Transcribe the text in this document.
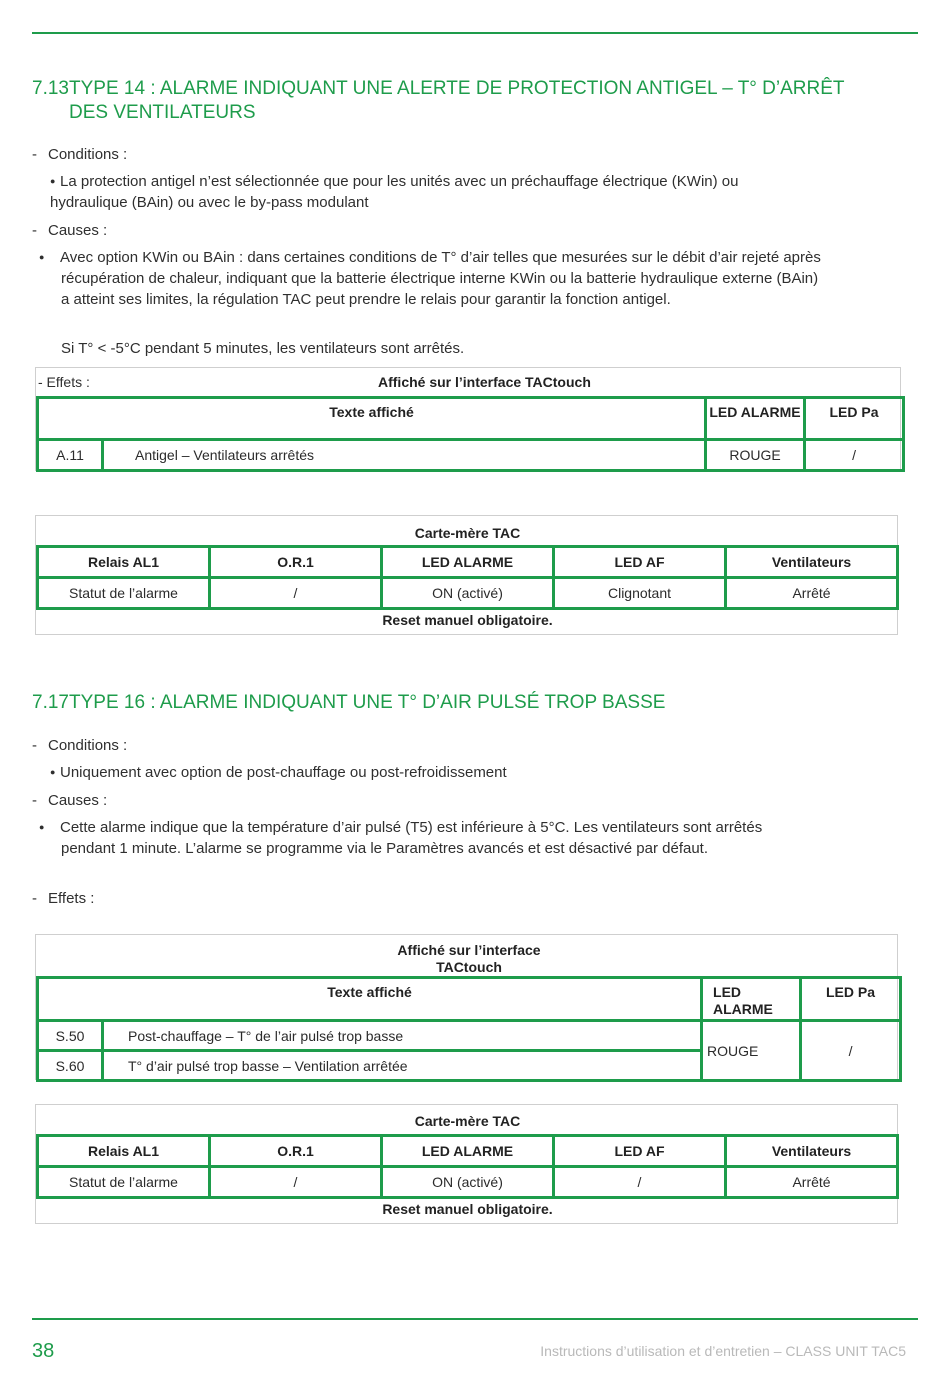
7.13TYPE 14 : ALARME INDIQUANT UNE ALERTE DE PROTECTION ANTIGEL – T° D’ARRÊT DES VENTILATEURS
- Conditions :
● La protection antigel n’est sélectionnée que pour les unités avec un préchauffage électrique (KWin) ou hydraulique (BAin) ou avec le by-pass modulant
- Causes :
● Avec option KWin ou BAin : dans certaines conditions de T° d’air telles que mesurées sur le débit d’air rejeté après récupération de chaleur, indiquant que la batterie électrique interne KWin ou la batterie hydraulique externe (BAin) a atteint ses limites, la régulation TAC peut prendre le relais pour garantir la fonction antigel.
Si T° < -5°C pendant 5 minutes, les ventilateurs sont arrêtés.
- Effets :	Affiché sur l’interface TACtouch
Texte affiché		LED ALARME	LED Pa
A.11	Antigel – Ventilateurs arrêtés	ROUGE	/
Carte-mère TAC
Relais AL1	O.R.1	LED ALARME	LED AF	Ventilateurs
Statut de l’alarme	/	ON (activé)	Clignotant	Arrêté
Reset manuel obligatoire.
7.17TYPE 16 : ALARME INDIQUANT UNE T° D’AIR PULSÉ TROP BASSE
- Conditions :
● Uniquement avec option de post-chauffage ou post-refroidissement
- Causes :
● Cette alarme indique que la température d’air pulsé (T5) est inférieure à 5°C. Les ventilateurs sont arrêtés pendant 1 minute. L’alarme se programme via le Paramètres avancés et est désactivé par défaut.
- Effets :
Affiché sur l’interface
TACtouch
Texte affiché		LED ALARME	LED Pa
S.50	Post-chauffage – T° de l’air pulsé trop basse	ROUGE	/
S.60	T° d’air pulsé trop basse – Ventilation arrêtée		
Carte-mère TAC
Relais AL1	O.R.1	LED ALARME	LED AF	Ventilateurs
Statut de l’alarme	/	ON (activé)	/	Arrêté
Reset manuel obligatoire.
38	Instructions d’utilisation et d’entretien – CLASS UNIT TAC5
